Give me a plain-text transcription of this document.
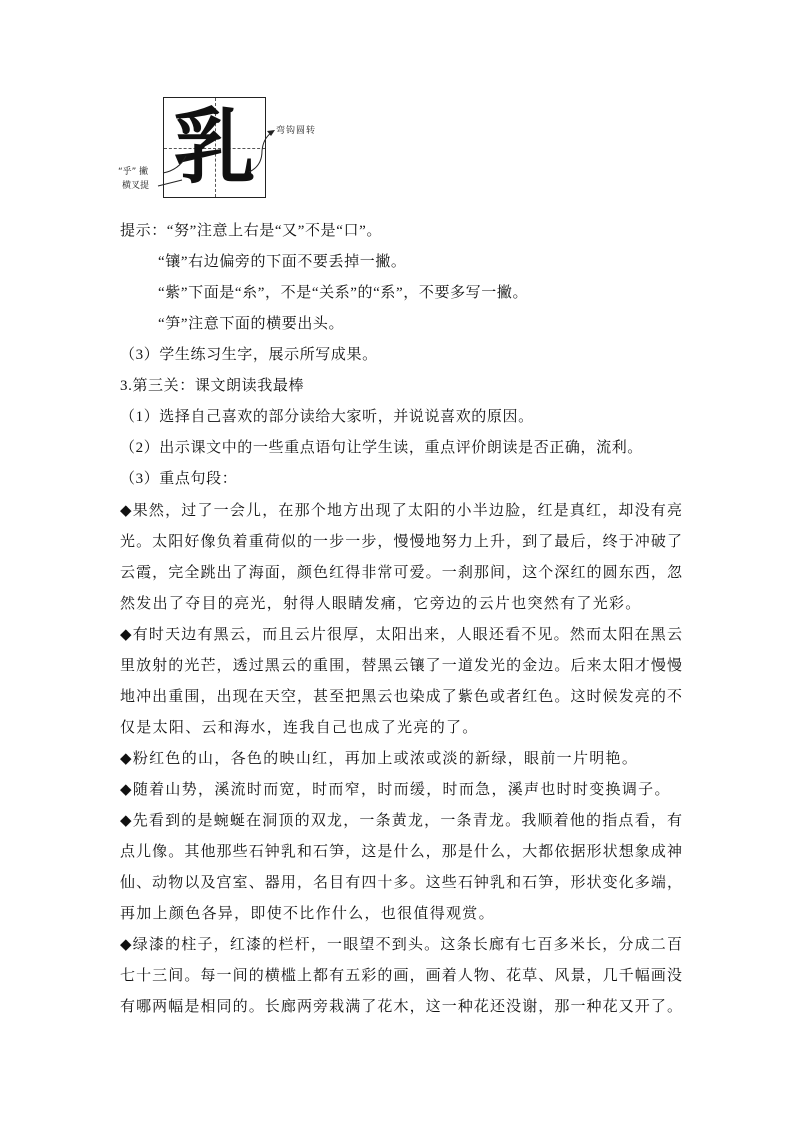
乳	弯钩圆转
“乎” 撇
横叉提
提示：“努”注意上右是“又”不是“口”。
“镶”右边偏旁的下面不要丢掉一撇。
“紫”下面是“糸”，不是“关系”的“系”，不要多写一撇。
“笋”注意下面的横要出头。
（3）学生练习生字，展示所写成果。
3.第三关：课文朗读我最棒
（1）选择自己喜欢的部分读给大家听，并说说喜欢的原因。
（2）出示课文中的一些重点语句让学生读，重点评价朗读是否正确，流利。
（3）重点句段：
◆果然，过了一会儿，在那个地方出现了太阳的小半边脸，红是真红，却没有亮
光。太阳好像负着重荷似的一步一步，慢慢地努力上升，到了最后，终于冲破了
云霞，完全跳出了海面，颜色红得非常可爱。一刹那间，这个深红的圆东西，忽
然发出了夺目的亮光，射得人眼睛发痛，它旁边的云片也突然有了光彩。
◆有时天边有黑云，而且云片很厚，太阳出来，人眼还看不见。然而太阳在黑云
里放射的光芒，透过黑云的重围，替黑云镶了一道发光的金边。后来太阳才慢慢
地冲出重围，出现在天空，甚至把黑云也染成了紫色或者红色。这时候发亮的不
仅是太阳、云和海水，连我自己也成了光亮的了。
◆粉红色的山，各色的映山红，再加上或浓或淡的新绿，眼前一片明艳。
◆随着山势，溪流时而宽，时而窄，时而缓，时而急，溪声也时时变换调子。
◆先看到的是蜿蜒在洞顶的双龙，一条黄龙，一条青龙。我顺着他的指点看，有
点儿像。其他那些石钟乳和石笋，这是什么，那是什么，大都依据形状想象成神
仙、动物以及宫室、器用，名目有四十多。这些石钟乳和石笋，形状变化多端，
再加上颜色各异，即使不比作什么，也很值得观赏。
◆绿漆的柱子，红漆的栏杆，一眼望不到头。这条长廊有七百多米长，分成二百
七十三间。每一间的横槛上都有五彩的画，画着人物、花草、风景，几千幅画没
有哪两幅是相同的。长廊两旁栽满了花木，这一种花还没谢，那一种花又开了。
